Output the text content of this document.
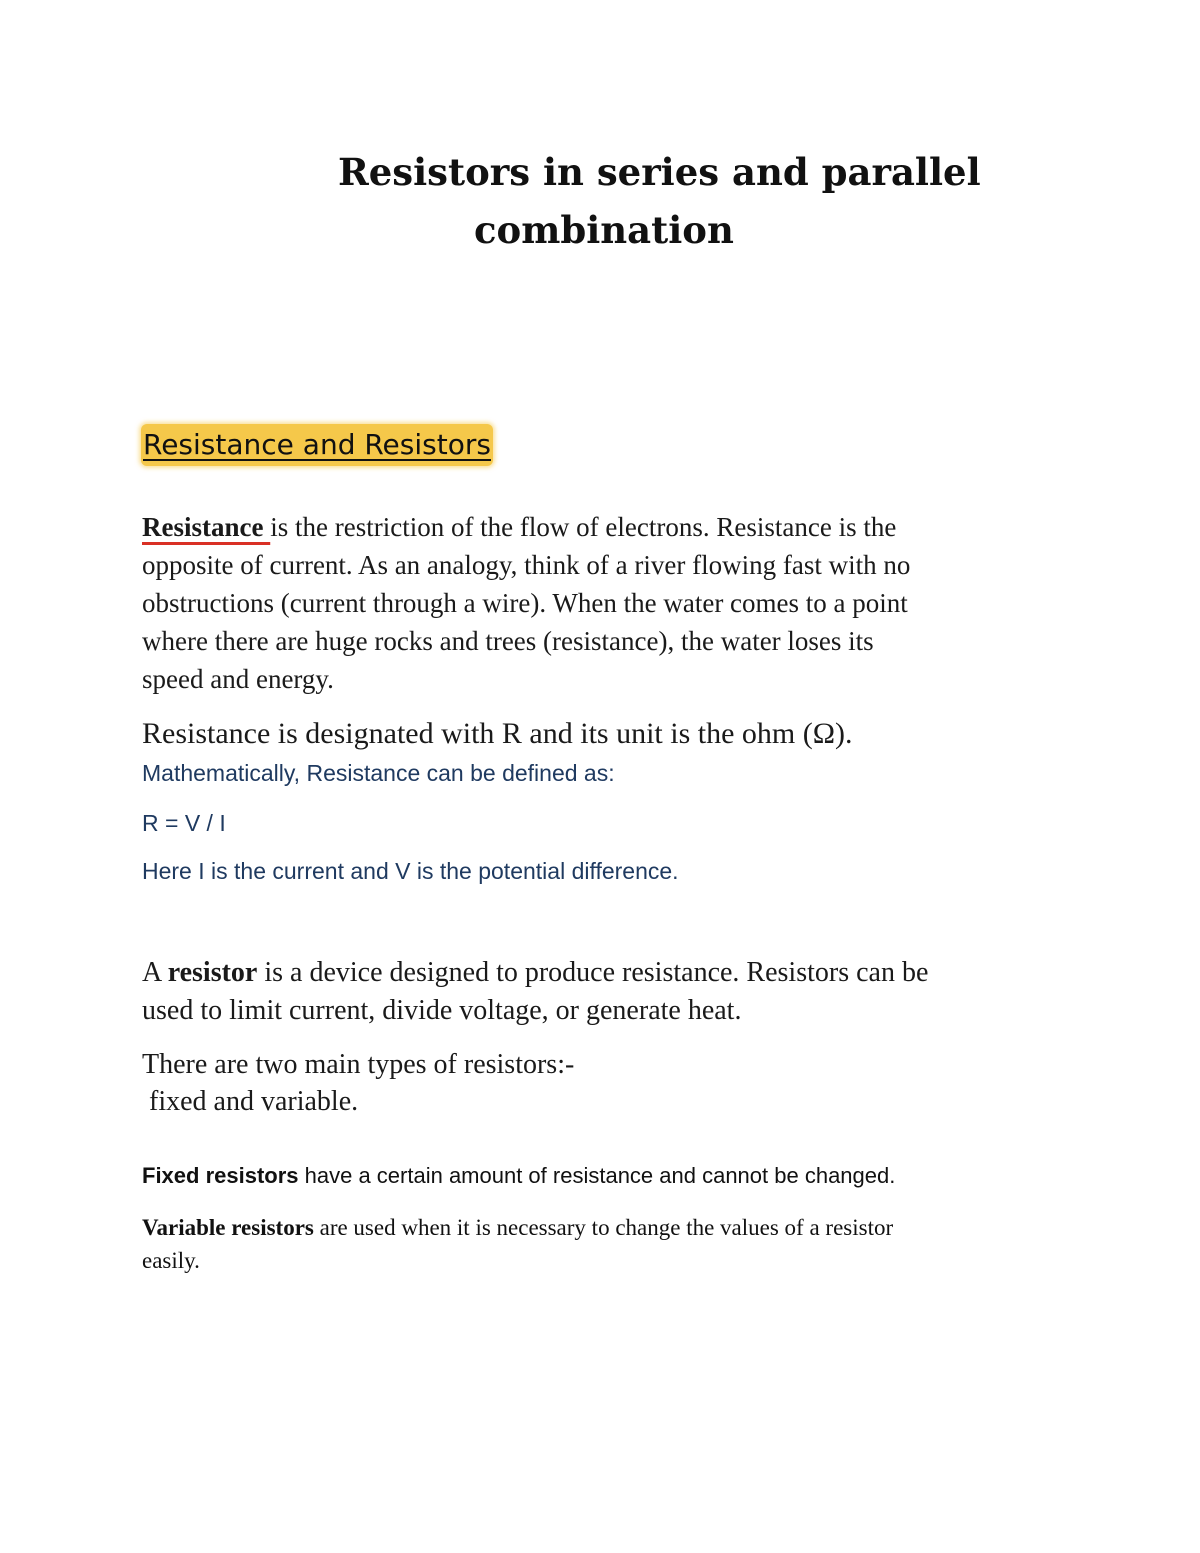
Resistors in series and parallel
combination
Resistance and Resistors
Resistance is the restriction of the flow of electrons. Resistance is the
opposite of current. As an analogy, think of a river flowing fast with no
obstructions (current through a wire). When the water comes to a point
where there are huge rocks and trees (resistance), the water loses its
speed and energy.
Resistance is designated with R and its unit is the ohm (Ω).
Mathematically, Resistance can be defined as:
R = V / I
Here I is the current and V is the potential difference.
A resistor is a device designed to produce resistance. Resistors can be
used to limit current, divide voltage, or generate heat.
There are two main types of resistors:-
fixed and variable.
Fixed resistors have a certain amount of resistance and cannot be changed.
Variable resistors are used when it is necessary to change the values of a resistor
easily.
